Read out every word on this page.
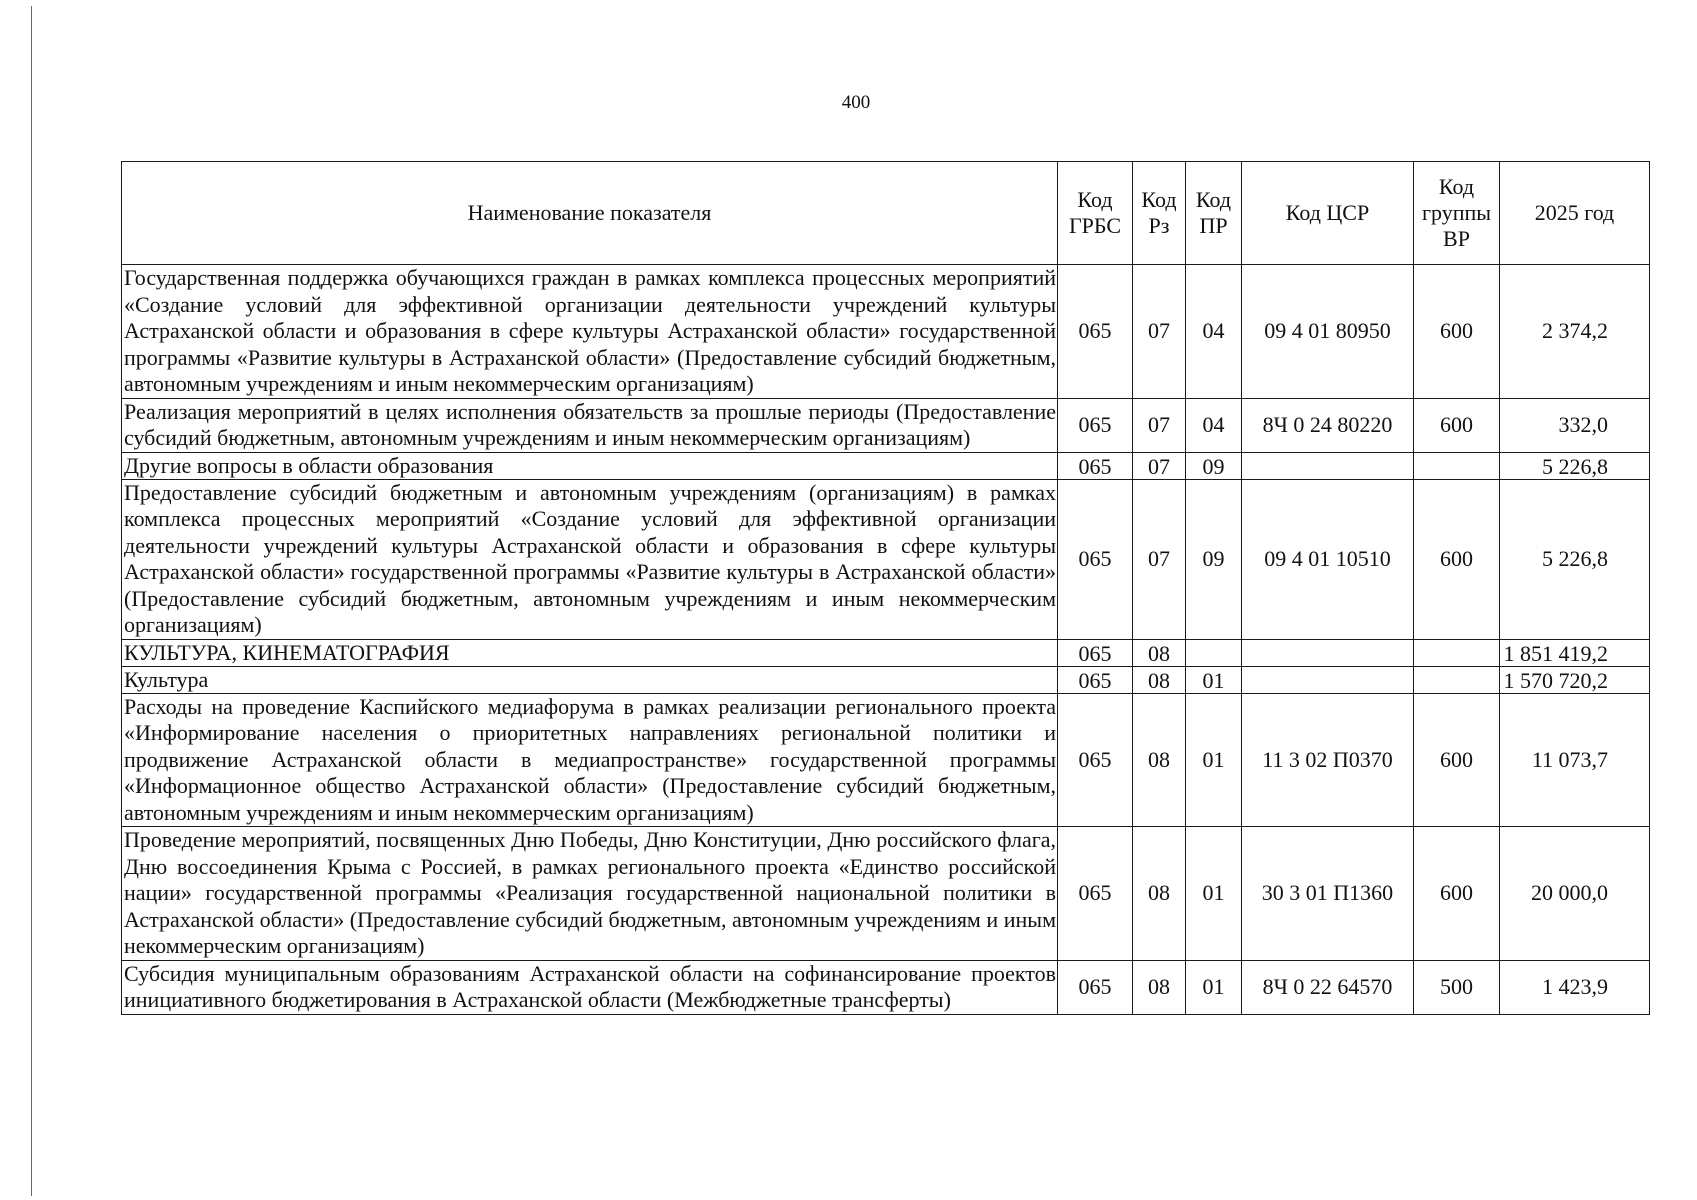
400
Наименование показателя	Код ГРБС	Код Рз	Код ПР	Код ЦСР	Код группы ВР	2025 год
Государственная поддержка обучающихся граждан в рамках комплекса процессных мероприятий «Создание условий для эффективной организации деятельности учреждений культуры Астраханской области и образования в сфере культуры Астраханской области» государственной программы «Развитие культуры в Астраханской области» (Предоставление субсидий бюджетным, автономным учреждениям и иным некоммерческим организациям)	065	07	04	09 4 01 80950	600	2 374,2
Реализация мероприятий в целях исполнения обязательств за прошлые периоды (Предоставление субсидий бюджетным, автономным учреждениям и иным некоммерческим организациям)	065	07	04	8Ч 0 24 80220	600	332,0
Другие вопросы в области образования	065	07	09			5 226,8
Предоставление субсидий бюджетным и автономным учреждениям (организациям) в рамках комплекса процессных мероприятий «Создание условий для эффективной организации деятельности учреждений культуры Астраханской области и образования в сфере культуры Астраханской области» государственной программы «Развитие культуры в Астраханской области» (Предоставление субсидий бюджетным, автономным учреждениям и иным некоммерческим организациям)	065	07	09	09 4 01 10510	600	5 226,8
КУЛЬТУРА, КИНЕМАТОГРАФИЯ	065	08				1 851 419,2
Культура	065	08	01			1 570 720,2
Расходы на проведение Каспийского медиафорума в рамках реализации регионального проекта «Информирование населения о приоритетных направлениях региональной политики и продвижение Астраханской области в медиапространстве» государственной программы «Информационное общество Астраханской области» (Предоставление субсидий бюджетным, автономным учреждениям и иным некоммерческим организациям)	065	08	01	11 3 02 П0370	600	11 073,7
Проведение мероприятий, посвященных Дню Победы, Дню Конституции, Дню российского флага, Дню воссоединения Крыма с Россией, в рамках регионального проекта «Единство российской нации» государственной программы «Реализация государственной национальной политики в Астраханской области» (Предоставление субсидий бюджетным, автономным учреждениям и иным некоммерческим организациям)	065	08	01	30 3 01 П1360	600	20 000,0
Субсидия муниципальным образованиям Астраханской области на софинансирование проектов инициативного бюджетирования в Астраханской области (Межбюджетные трансферты)	065	08	01	8Ч 0 22 64570	500	1 423,9
